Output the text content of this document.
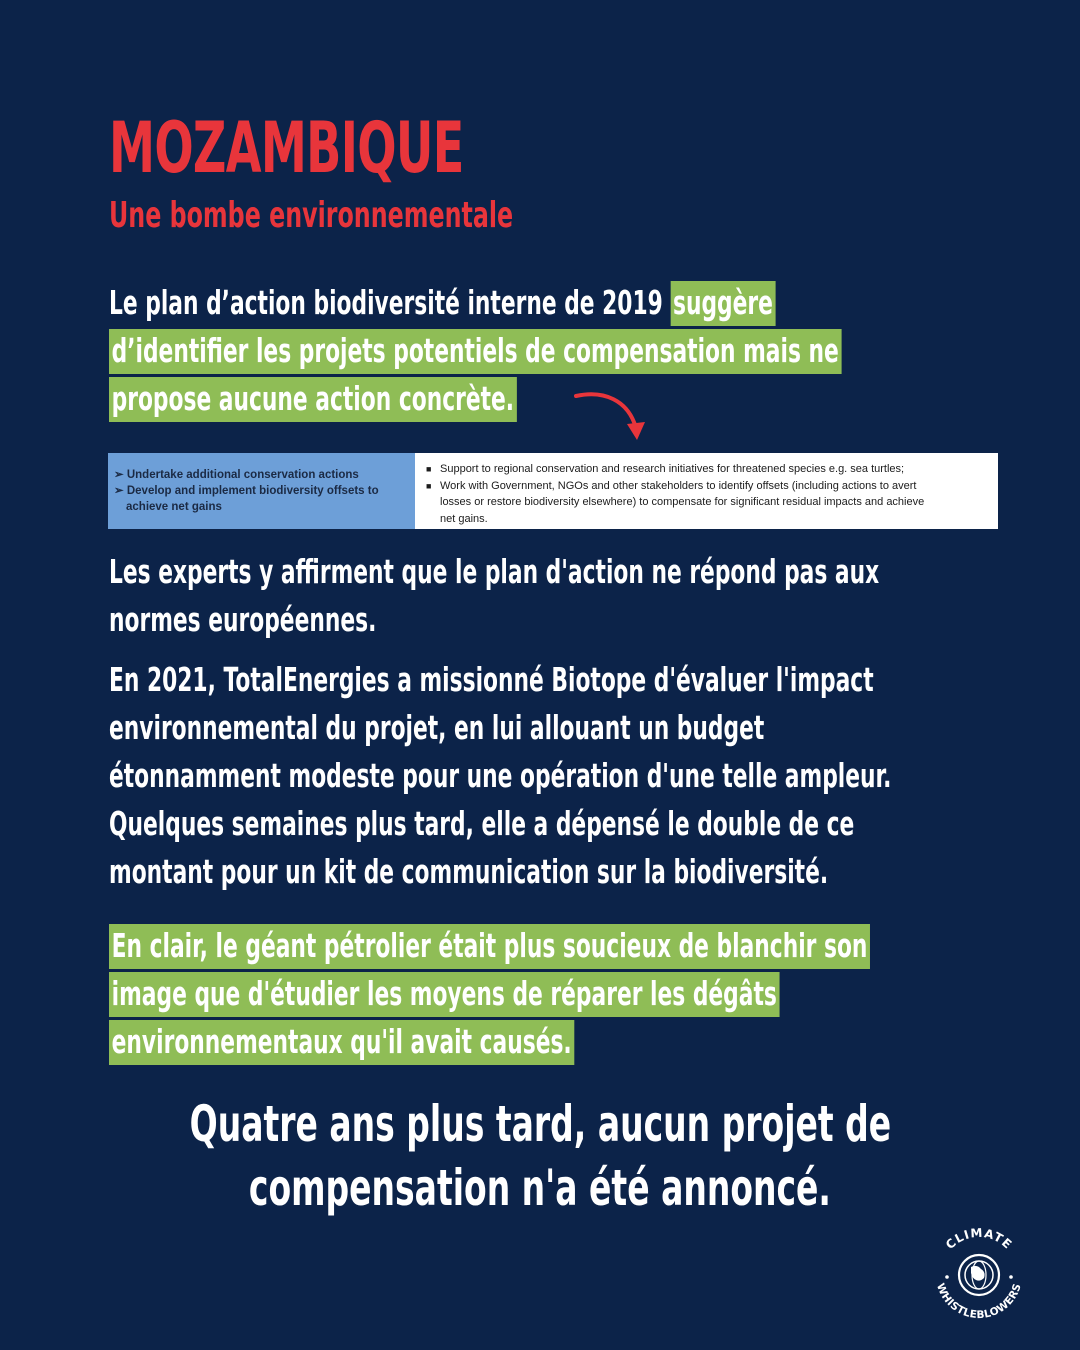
MOZAMBIQUE
Une bombe environnementale
Le plan d’action biodiversité interne de 2019 suggère
d’identifier les projets potentiels de compensation mais ne
propose aucune action concrète.
➢ Undertake additional conservation actions
➢ Develop and implement biodiversity offsets to
achieve net gains
■ Support to regional conservation and research initiatives for threatened species e.g. sea turtles;
■ Work with Government, NGOs and other stakeholders to identify offsets (including actions to avert
losses or restore biodiversity elsewhere) to compensate for significant residual impacts and achieve
net gains.
Les experts y affirment que le plan d'action ne répond pas aux
normes européennes.
En 2021, TotalEnergies a missionné Biotope d'évaluer l'impact
environnemental du projet, en lui allouant un budget
étonnamment modeste pour une opération d'une telle ampleur.
Quelques semaines plus tard, elle a dépensé le double de ce
montant pour un kit de communication sur la biodiversité.
En clair, le géant pétrolier était plus soucieux de blanchir son
image que d'étudier les moyens de réparer les dégâts
environnementaux qu'il avait causés.
Quatre ans plus tard, aucun projet de
compensation n'a été annoncé.
CLIMATE
WHISTLEBLOWERS
